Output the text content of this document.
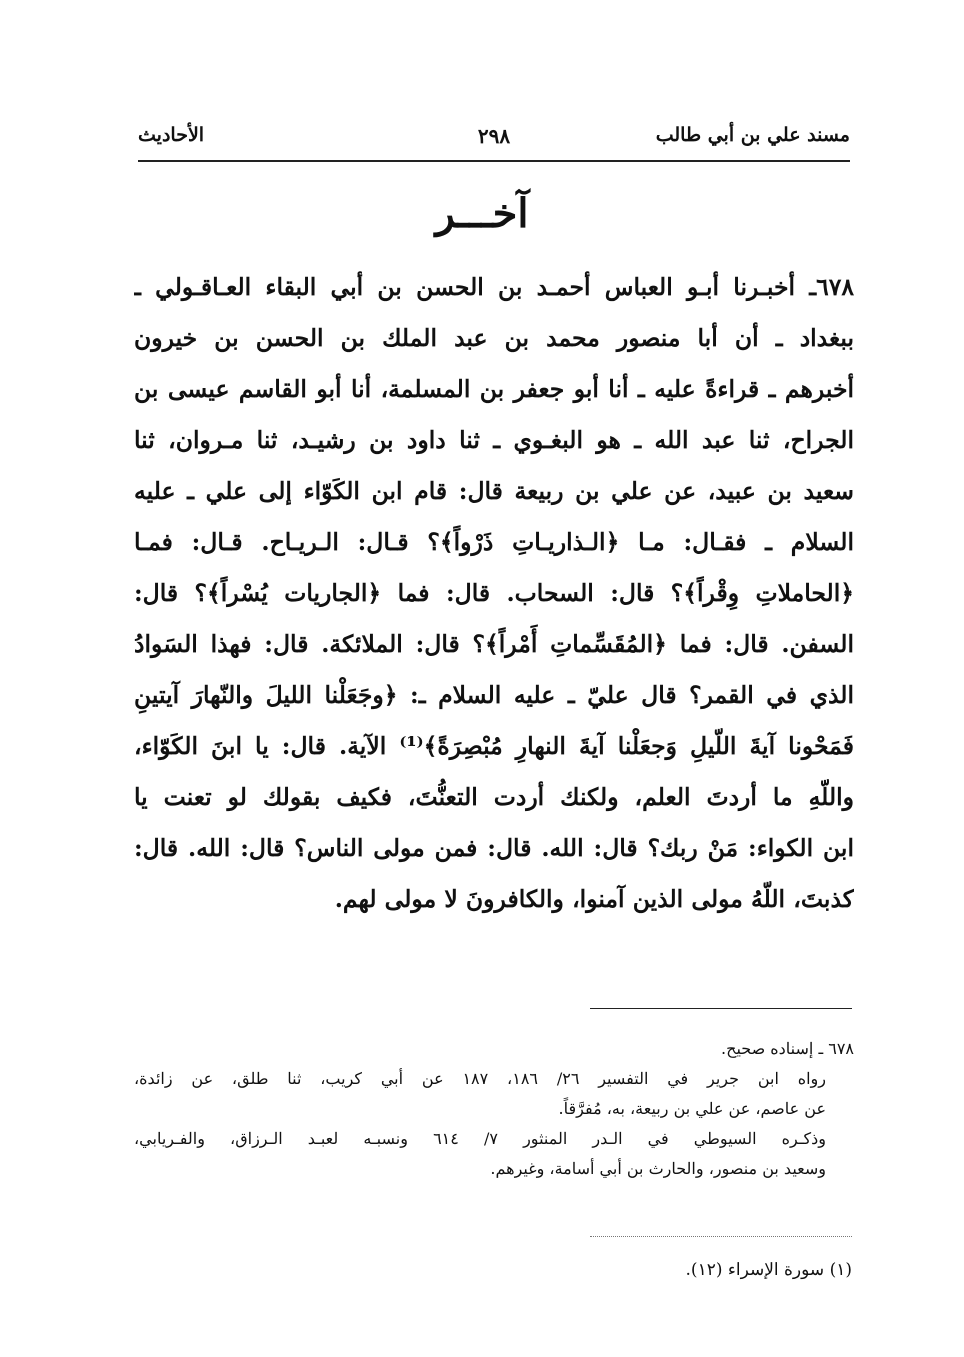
مسند علي بن أبي طالب
٢٩٨
الأحاديث
آخـــر
٦٧٨ـ أخبـرنا أبـو العباس أحمـد بن الحسن بن أبي البقاء العـاقـولي ـ
ببغداد ـ أن أبا منصور محمد بن عبد الملك بن الحسن بن خيرون
أخبرهم ـ قراءةً عليه ـ أنا أبو جعفر بن المسلمة، أنا أبو القاسم عيسى بن
الجراح، ثنا عبد الله ـ هو البغـوي ـ ثنا داود بن رشيـد، ثنا مـروان، ثنا
سعيد بن عبيد، عن علي بن ربيعة قال: قام ابن الكَوّاء إلى علي ـ عليه
السلام ـ فقـال: مـا ﴿الـذاريـاتِ ذَرْواً﴾؟ قـال: الـريـاح. قـال: فمـا
﴿الحاملاتِ وِقْراً﴾؟ قال: السحاب. قال: فما ﴿الجاريات يُسْراً﴾؟ قال:
السفن. قال: فما ﴿المُقَسِّماتِ أَمْراً﴾؟ قال: الملائكة. قال: فهذا السَوادُ
الذي في القمر؟ قال عليّ ـ عليه السلام ـ: ﴿وجَعَلْنا الليلَ والنّهارَ آيتينِ
فَمَحْونا آيةَ اللّيلِ وَجعَلْنا آيةَ النهارِ مُبْصِرَةً﴾⁽¹⁾ الآية. قال: يا ابنَ الكَوّاء،
واللّهِ ما أردتَ العلم، ولكنك أردت التعنُّتَ، فكيف بقولك لو تعنت يا
ابن الكواء: مَنْ ربك؟ قال: الله. قال: فمن مولى الناس؟ قال: الله. قال:
كذبتَ، اللّهُ مولى الذين آمنوا، والكافرونَ لا مولى لهم.
٦٧٨ ـ إسناده صحيح.
رواه ابن جرير في التفسير ٢٦/ ١٨٦، ١٨٧ عن أبي كريب، ثنا طلق، عن زائدة،
عن عاصم، عن علي بن ربيعة، به، مُفرَّقاً.
وذكـره السيوطي في الـدر المنثور ٧/ ٦١٤ ونسبـه لعبـد الـرزاق، والفـريابي،
وسعيد بن منصور، والحارث بن أبي أسامة، وغيرهم.
(١) سورة الإسراء (١٢).
